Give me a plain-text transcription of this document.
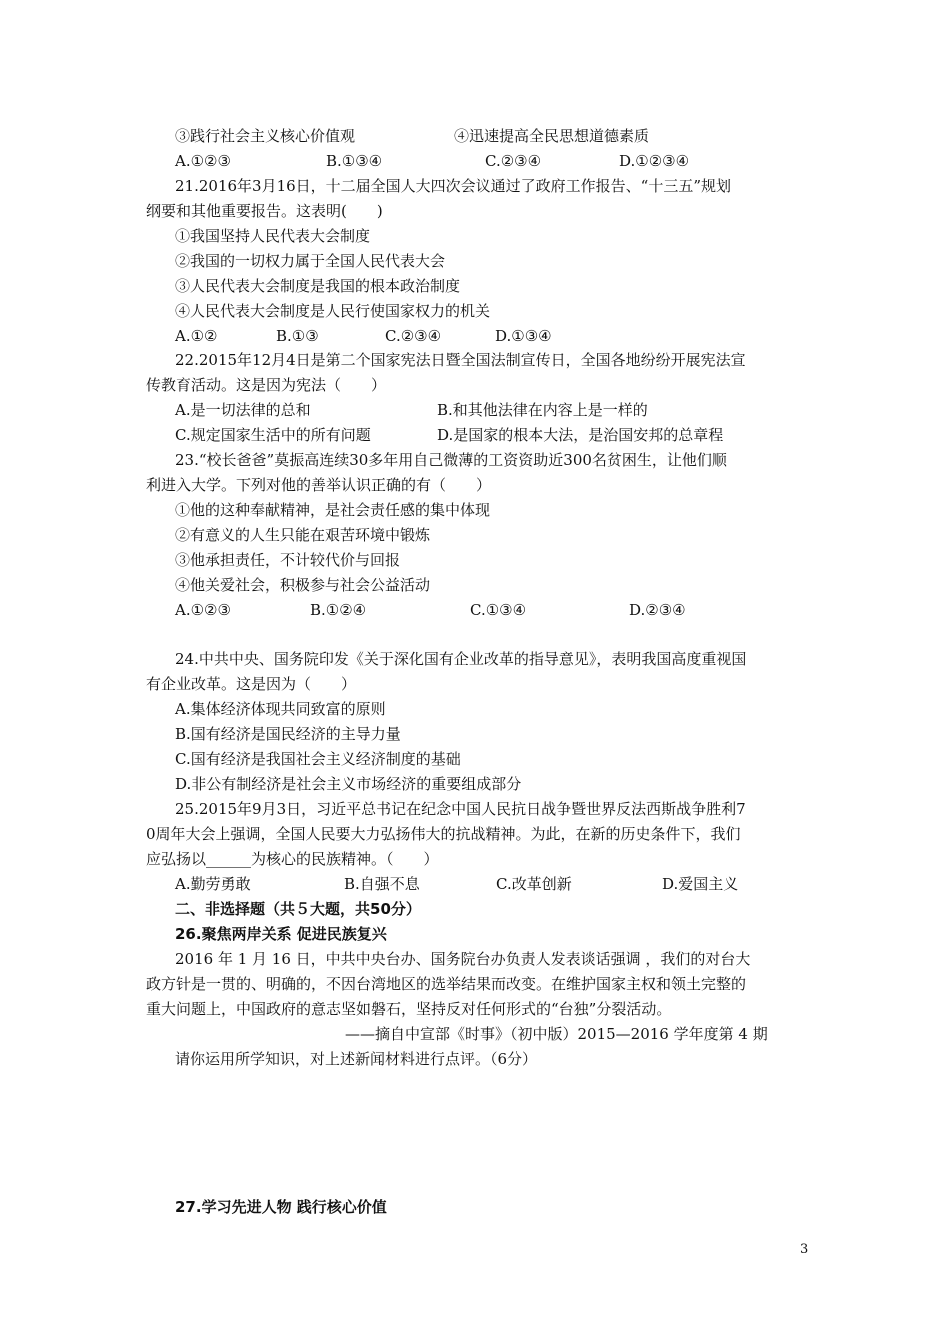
③践行社会主义核心价值观	④迅速提高全民思想道德素质
A.①②③	B.①③④	C.②③④	D.①②③④
21.2016年3月16日，十二届全国人大四次会议通过了政府工作报告、“十三五”规划
纲要和其他重要报告。这表明(　　)
①我国坚持人民代表大会制度
②我国的一切权力属于全国人民代表大会
③人民代表大会制度是我国的根本政治制度
④人民代表大会制度是人民行使国家权力的机关
A.①②	B.①③	C.②③④	D.①③④
22.2015年12月4日是第二个国家宪法日暨全国法制宣传日，全国各地纷纷开展宪法宣
传教育活动。这是因为宪法（　　）
A.是一切法律的总和	B.和其他法律在内容上是一样的
C.规定国家生活中的所有问题	D.是国家的根本大法，是治国安邦的总章程
23.“校长爸爸”莫振高连续30多年用自己微薄的工资资助近300名贫困生，让他们顺
利进入大学。下列对他的善举认识正确的有（　　）
①他的这种奉献精神，是社会责任感的集中体现
②有意义的人生只能在艰苦环境中锻炼
③他承担责任，不计较代价与回报
④他关爱社会，积极参与社会公益活动
A.①②③	B.①②④	C.①③④	D.②③④
24.中共中央、国务院印发《关于深化国有企业改革的指导意见》，表明我国高度重视国
有企业改革。这是因为（　　）
A.集体经济体现共同致富的原则
B.国有经济是国民经济的主导力量
C.国有经济是我国社会主义经济制度的基础
D.非公有制经济是社会主义市场经济的重要组成部分
25.2015年9月3日，习近平总书记在纪念中国人民抗日战争暨世界反法西斯战争胜利7
0周年大会上强调，全国人民要大力弘扬伟大的抗战精神。为此，在新的历史条件下，我们
应弘扬以______为核心的民族精神。（　　）
A.勤劳勇敢	B.自强不息	C.改革创新	D.爱国主义
二、非选择题（共５大题，共50分）
26.聚焦两岸关系 促进民族复兴
2016 年 1 月 16 日，中共中央台办、国务院台办负责人发表谈话强调 ，我们的对台大
政方针是一贯的、明确的，不因台湾地区的选举结果而改变。在维护国家主权和领土完整的
重大问题上，中国政府的意志坚如磐石，坚持反对任何形式的“台独”分裂活动。
——摘自中宣部《时事》（初中版）2015—2016 学年度第 4 期
请你运用所学知识，对上述新闻材料进行点评。（6分）
27.学习先进人物 践行核心价值
3
